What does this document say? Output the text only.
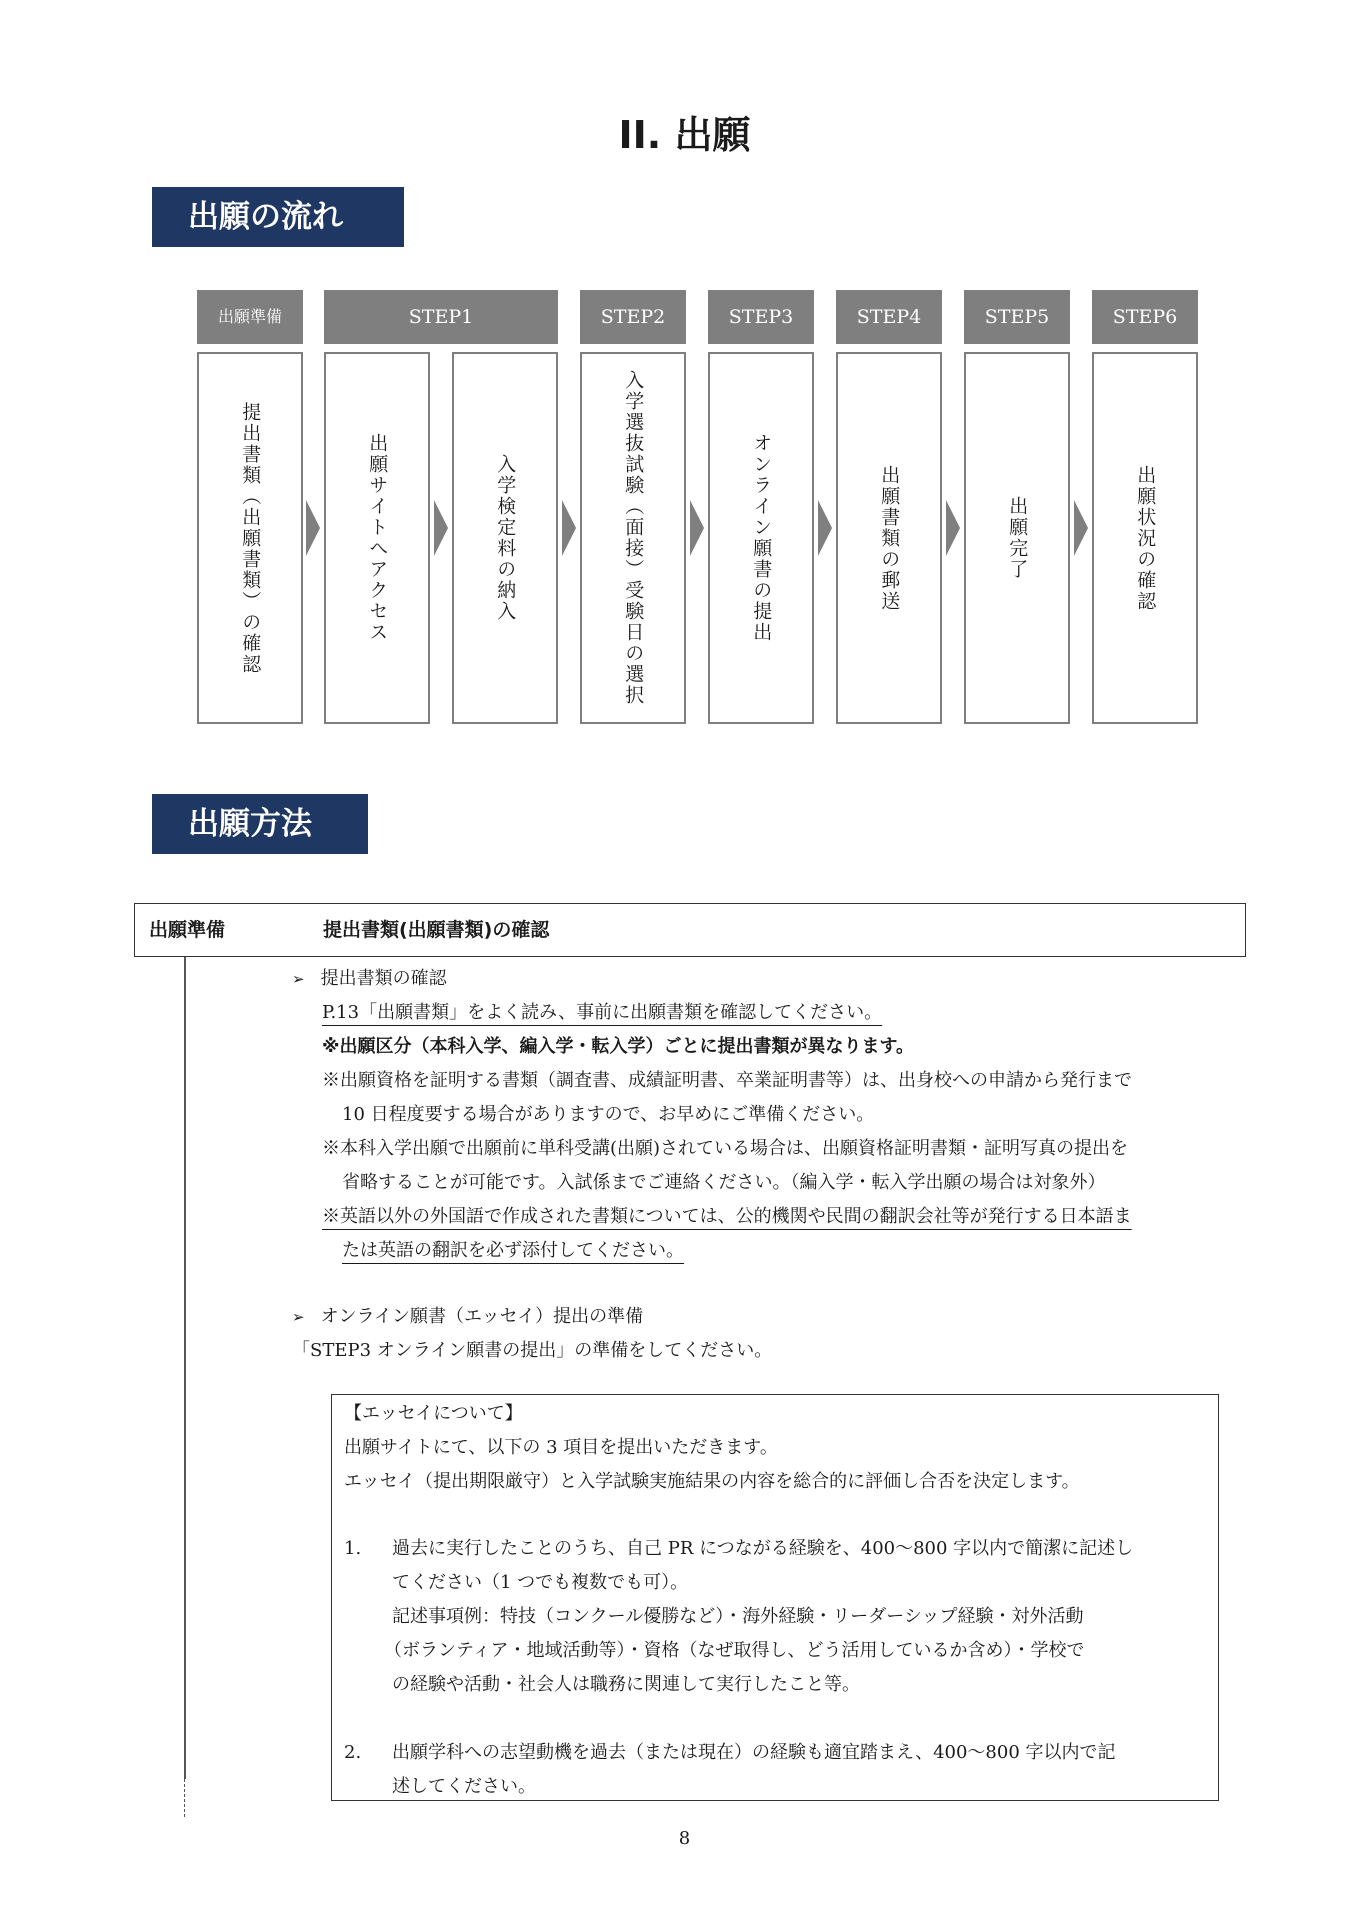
II. 出願
出願の流れ
出願準備	STEP1	STEP2	STEP3	STEP4	STEP5	STEP6
提出書類（出願書類）の確認	出願サイトへアクセス	入学検定料の納入	入学選抜試験（面接）受験日の選択	オンライン願書の提出	出願書類の郵送	出願完了	出願状況の確認
出願方法
出願準備	提出書類(出願書類)の確認
➢ 提出書類の確認
P.13「出願書類」をよく読み、事前に出願書類を確認してください。
※出願区分（本科入学、編入学・転入学）ごとに提出書類が異なります。
※出願資格を証明する書類（調査書、成績証明書、卒業証明書等）は、出身校への申請から発行まで
10 日程度要する場合がありますので、お早めにご準備ください。
※本科入学出願で出願前に単科受講(出願)されている場合は、出願資格証明書類・証明写真の提出を
省略することが可能です。入試係までご連絡ください。（編入学・転入学出願の場合は対象外）
※英語以外の外国語で作成された書類については、公的機関や民間の翻訳会社等が発行する日本語ま
たは英語の翻訳を必ず添付してください。
➢ オンライン願書（エッセイ）提出の準備
「STEP3 オンライン願書の提出」の準備をしてください。
【エッセイについて】
出願サイトにて、以下の 3 項目を提出いただきます。
エッセイ（提出期限厳守）と入学試験実施結果の内容を総合的に評価し合否を決定します。
1. 過去に実行したことのうち、自己 PR につながる経験を、400〜800 字以内で簡潔に記述し
てください（1 つでも複数でも可）。
記述事項例：特技（コンクール優勝など）・海外経験・リーダーシップ経験・対外活動
（ボランティア・地域活動等）・資格（なぜ取得し、どう活用しているか含め）・学校で
の経験や活動・社会人は職務に関連して実行したこと等。
2. 出願学科への志望動機を過去（または現在）の経験も適宜踏まえ、400〜800 字以内で記
述してください。
8
